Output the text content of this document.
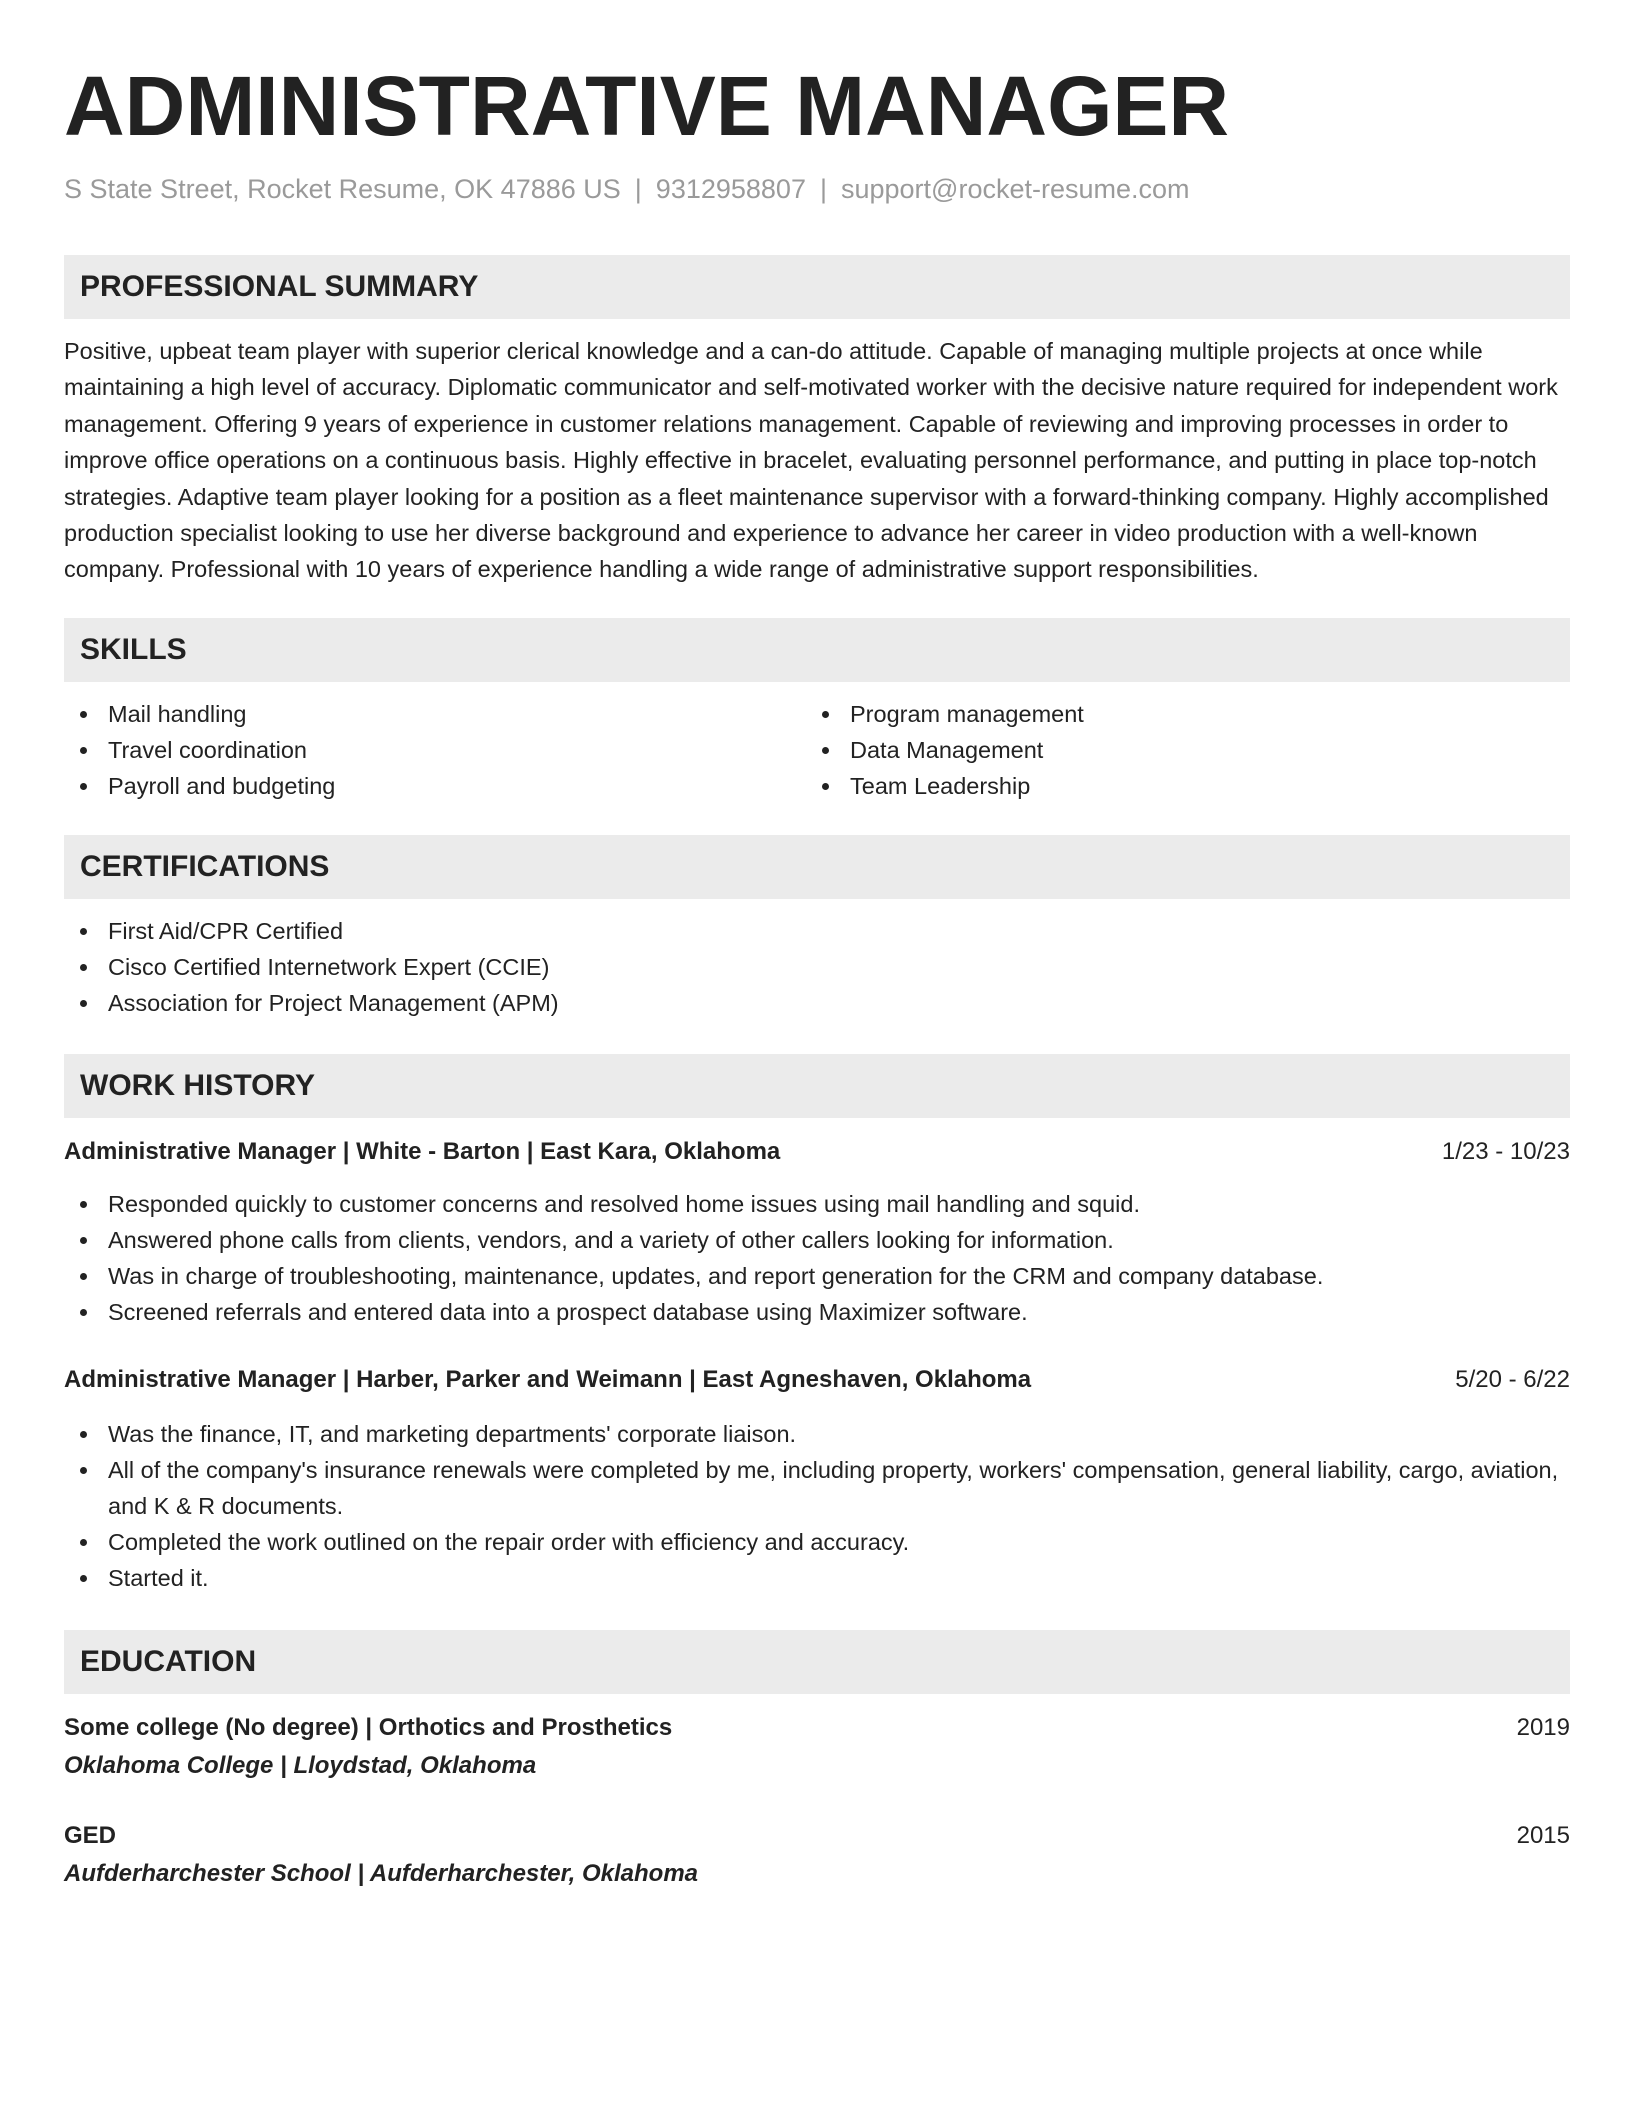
ADMINISTRATIVE MANAGER
S State Street, Rocket Resume, OK 47886 US | 9312958807 | support@rocket-resume.com
PROFESSIONAL SUMMARY
Positive, upbeat team player with superior clerical knowledge and a can-do attitude. Capable of managing multiple projects at once while maintaining a high level of accuracy. Diplomatic communicator and self-motivated worker with the decisive nature required for independent work management. Offering 9 years of experience in customer relations management. Capable of reviewing and improving processes in order to improve office operations on a continuous basis. Highly effective in bracelet, evaluating personnel performance, and putting in place top-notch strategies. Adaptive team player looking for a position as a fleet maintenance supervisor with a forward-thinking company. Highly accomplished production specialist looking to use her diverse background and experience to advance her career in video production with a well-known company. Professional with 10 years of experience handling a wide range of administrative support responsibilities.
SKILLS
Mail handling
Travel coordination
Payroll and budgeting
Program management
Data Management
Team Leadership
CERTIFICATIONS
First Aid/CPR Certified
Cisco Certified Internetwork Expert (CCIE)
Association for Project Management (APM)
WORK HISTORY
Administrative Manager | White - Barton | East Kara, Oklahoma	1/23 - 10/23
Responded quickly to customer concerns and resolved home issues using mail handling and squid.
Answered phone calls from clients, vendors, and a variety of other callers looking for information.
Was in charge of troubleshooting, maintenance, updates, and report generation for the CRM and company database.
Screened referrals and entered data into a prospect database using Maximizer software.
Administrative Manager | Harber, Parker and Weimann | East Agneshaven, Oklahoma	5/20 - 6/22
Was the finance, IT, and marketing departments' corporate liaison.
All of the company's insurance renewals were completed by me, including property, workers' compensation, general liability, cargo, aviation, and K & R documents.
Completed the work outlined on the repair order with efficiency and accuracy.
Started it.
EDUCATION
Some college (No degree) | Orthotics and Prosthetics	2019
Oklahoma College | Lloydstad, Oklahoma
GED	2015
Aufderharchester School | Aufderharchester, Oklahoma
